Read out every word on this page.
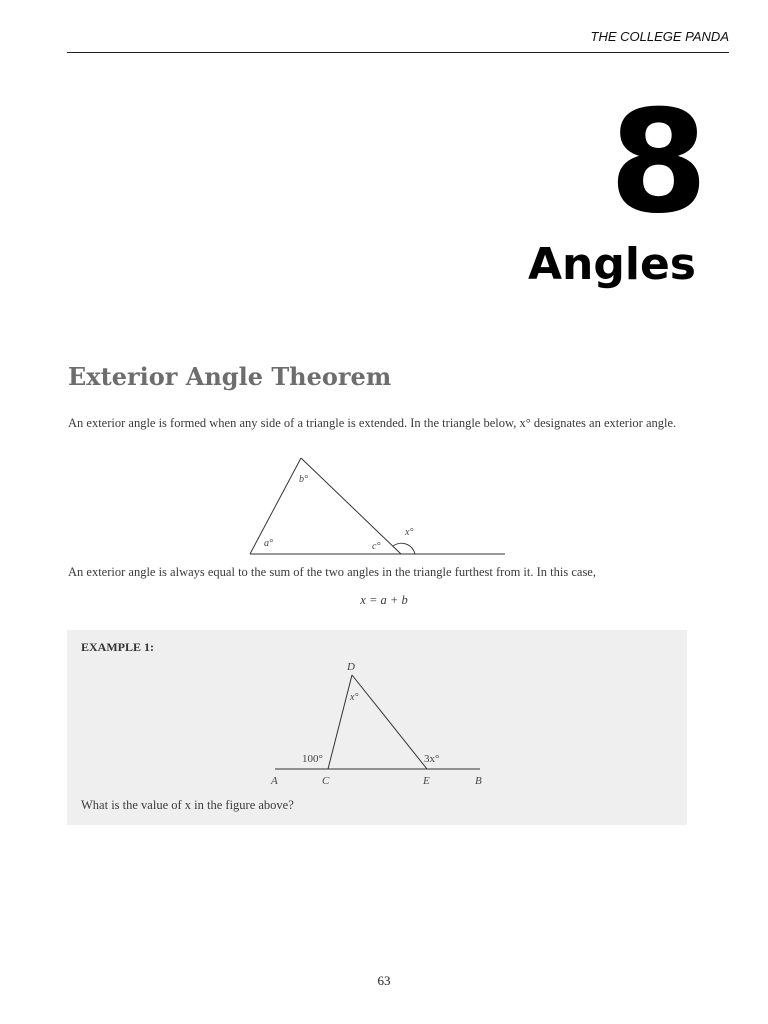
THE COLLEGE PANDA
8
Angles
Exterior Angle Theorem
An exterior angle is formed when any side of a triangle is extended. In the triangle below, x° designates an exterior angle.
b°
a°	c°
x°
An exterior angle is always equal to the sum of the two angles in the triangle furthest from it. In this case,
x = a + b
EXAMPLE 1:
D
x°
100°	3x°
A	C	E	B
What is the value of x in the figure above?
63
